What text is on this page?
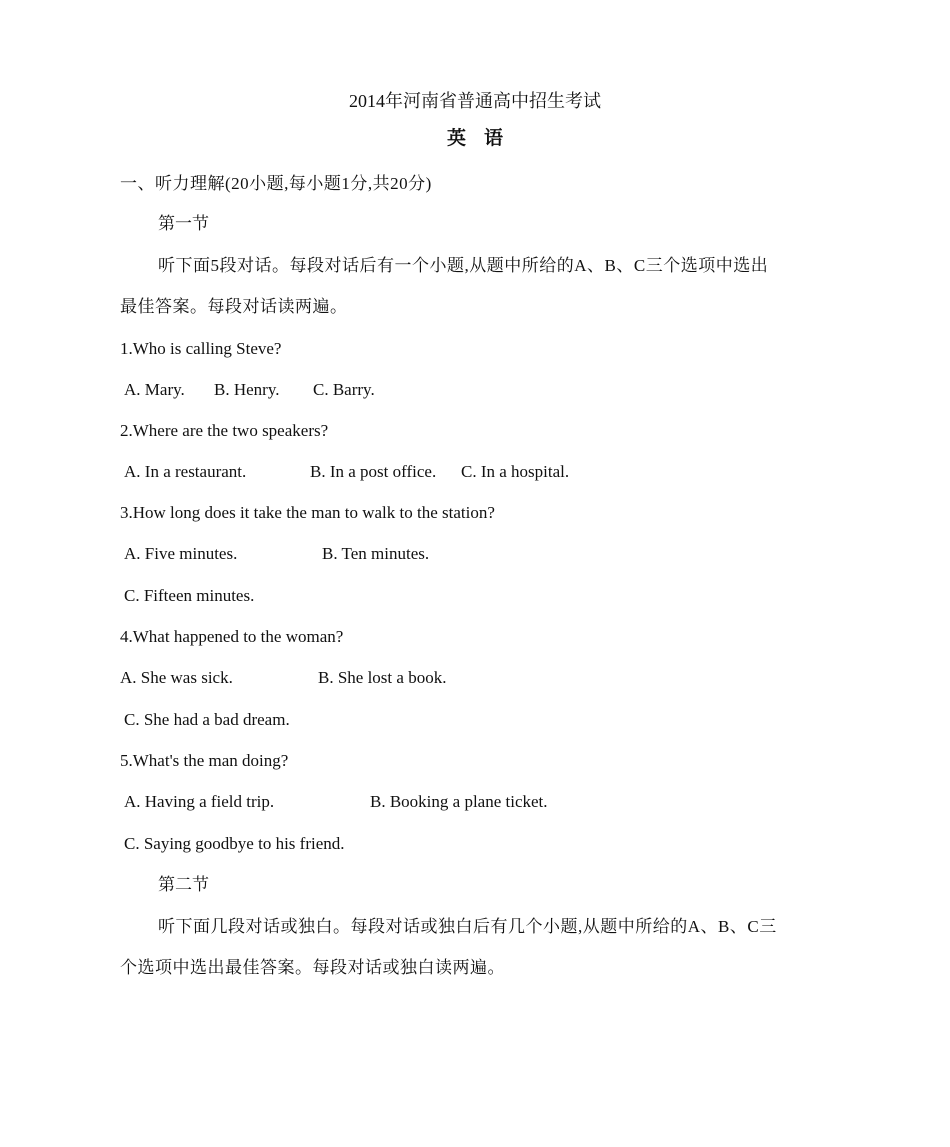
2014年河南省普通高中招生考试
英语
一、听力理解(20小题,每小题1分,共20分)
第一节
听下面5段对话。每段对话后有一个小题,从题中所给的A、B、C三个选项中选出
最佳答案。每段对话读两遍。
1.Who is calling Steve?
A. Mary. B. Henry. C. Barry.
2.Where are the two speakers?
A. In a restaurant.	B. In a post office. C. In a hospital.
3.How long does it take the man to walk to the station?
A. Five minutes.	B. Ten minutes.
C. Fifteen minutes.
4.What happened to the woman?
A. She was sick.	B. She lost a book.
C. She had a bad dream.
5.What's the man doing?
A. Having a field trip.	B. Booking a plane ticket.
C. Saying goodbye to his friend.
第二节
听下面几段对话或独白。每段对话或独白后有几个小题,从题中所给的A、B、C三
个选项中选出最佳答案。每段对话或独白读两遍。
